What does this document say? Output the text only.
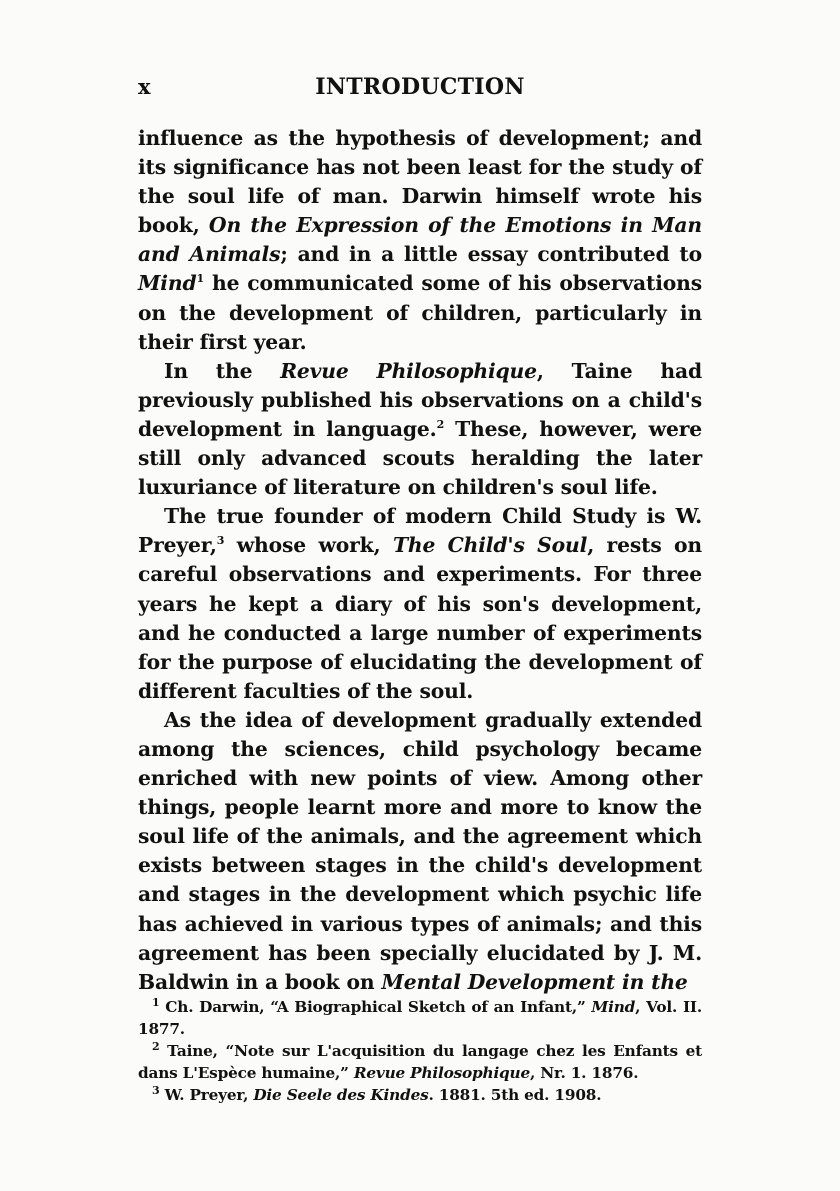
x	INTRODUCTION

influence as the hypothesis of development; and its significance has not been least for the study of the soul life of man. Darwin himself wrote his book, On the Expression of the Emotions in Man and Animals; and in a little essay contributed to Mind$^1$ he communicated some of his observations on the development of children, particularly in their first year.

In the Revue Philosophique, Taine had previously published his observations on a child's development in language.$^2$ These, however, were still only advanced scouts heralding the later luxuriance of literature on children's soul life.

The true founder of modern Child Study is W. Preyer,$^3$ whose work, The Child's Soul, rests on careful observations and experiments. For three years he kept a diary of his son's development, and he conducted a large number of experiments for the purpose of elucidating the development of different faculties of the soul.

As the idea of development gradually extended among the sciences, child psychology became enriched with new points of view. Among other things, people learnt more and more to know the soul life of the animals, and the agreement which exists between stages in the child's development and stages in the development which psychic life has achieved in various types of animals; and this agreement has been specially elucidated by J. M. Baldwin in a book on Mental Development in the

$^1$ Ch. Darwin, “A Biographical Sketch of an Infant,” Mind, Vol. II. 1877.

$^2$ Taine, “Note sur L'acquisition du langage chez les Enfants et dans L'Espèce humaine,” Revue Philosophique, Nr. 1. 1876.

$^3$ W. Preyer, Die Seele des Kindes. 1881. 5th ed. 1908.
